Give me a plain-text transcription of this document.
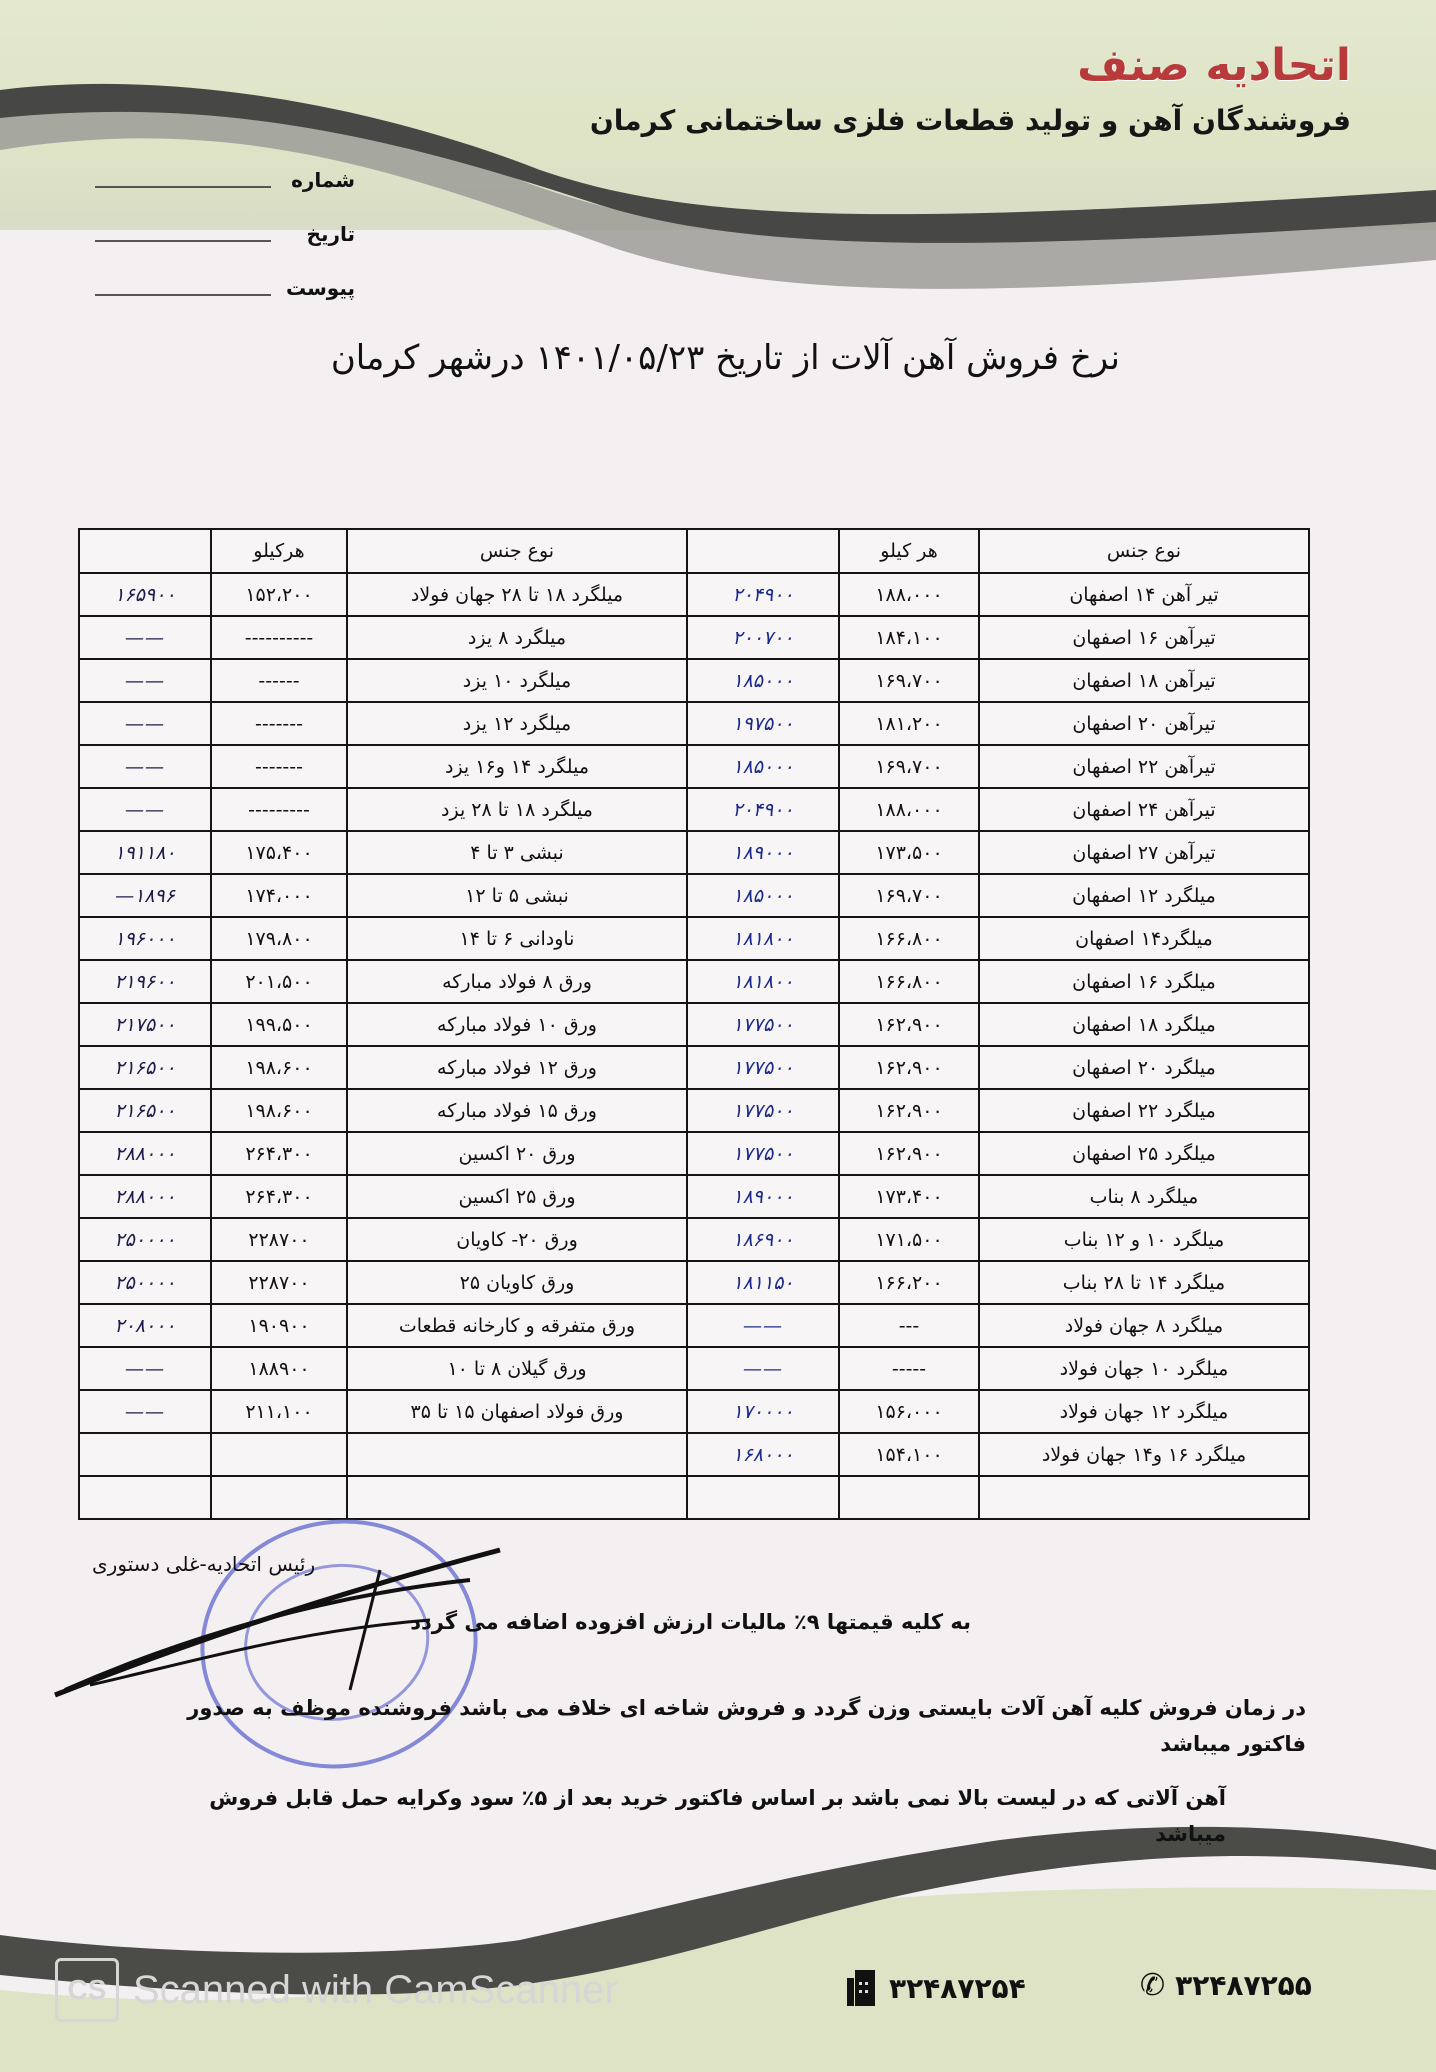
اتحادیه صنف
فروشندگان آهن و تولید قطعات فلزی ساختمانی کرمان
شماره
تاریخ
پیوست
نرخ فروش آهن آلات از تاریخ ۱۴۰۱/۰۵/۲۳ درشهر کرمان
نوع جنس	هر کیلو		نوع جنس	هرکیلو	
تیر آهن ۱۴ اصفهان	۱۸۸،۰۰۰	۲۰۴۹۰۰	میلگرد ۱۸ تا ۲۸ جهان فولاد	۱۵۲،۲۰۰	۱۶۵۹۰۰
تیرآهن ۱۶ اصفهان	۱۸۴،۱۰۰	۲۰۰۷۰۰	میلگرد ۸ یزد	----------	——
تیرآهن ۱۸ اصفهان	۱۶۹،۷۰۰	۱۸۵۰۰۰	میلگرد ۱۰ یزد	------	——
تیرآهن ۲۰ اصفهان	۱۸۱،۲۰۰	۱۹۷۵۰۰	میلگرد ۱۲ یزد	-------	——
تیرآهن ۲۲ اصفهان	۱۶۹،۷۰۰	۱۸۵۰۰۰	میلگرد ۱۴ و۱۶ یزد	-------	——
تیرآهن ۲۴ اصفهان	۱۸۸،۰۰۰	۲۰۴۹۰۰	میلگرد ۱۸ تا ۲۸ یزد	---------	——
تیرآهن ۲۷ اصفهان	۱۷۳،۵۰۰	۱۸۹۰۰۰	نبشی ۳ تا ۴	۱۷۵،۴۰۰	۱۹۱۱۸۰
میلگرد ۱۲ اصفهان	۱۶۹،۷۰۰	۱۸۵۰۰۰	نبشی ۵ تا ۱۲	۱۷۴،۰۰۰	۱۸۹۶—
میلگرد۱۴ اصفهان	۱۶۶،۸۰۰	۱۸۱۸۰۰	ناودانی ۶ تا ۱۴	۱۷۹،۸۰۰	۱۹۶۰۰۰
میلگرد ۱۶ اصفهان	۱۶۶،۸۰۰	۱۸۱۸۰۰	ورق ۸ فولاد مبارکه	۲۰۱،۵۰۰	۲۱۹۶۰۰
میلگرد ۱۸ اصفهان	۱۶۲،۹۰۰	۱۷۷۵۰۰	ورق ۱۰ فولاد مبارکه	۱۹۹،۵۰۰	۲۱۷۵۰۰
میلگرد ۲۰ اصفهان	۱۶۲،۹۰۰	۱۷۷۵۰۰	ورق ۱۲ فولاد مبارکه	۱۹۸،۶۰۰	۲۱۶۵۰۰
میلگرد ۲۲ اصفهان	۱۶۲،۹۰۰	۱۷۷۵۰۰	ورق ۱۵ فولاد مبارکه	۱۹۸،۶۰۰	۲۱۶۵۰۰
میلگرد ۲۵ اصفهان	۱۶۲،۹۰۰	۱۷۷۵۰۰	ورق ۲۰ اکسین	۲۶۴،۳۰۰	۲۸۸۰۰۰
میلگرد ۸ بناب	۱۷۳،۴۰۰	۱۸۹۰۰۰	ورق ۲۵ اکسین	۲۶۴،۳۰۰	۲۸۸۰۰۰
میلگرد ۱۰ و ۱۲ بناب	۱۷۱،۵۰۰	۱۸۶۹۰۰	ورق ۲۰- کاویان	۲۲۸۷۰۰	۲۵۰۰۰۰
میلگرد ۱۴ تا ۲۸ بناب	۱۶۶،۲۰۰	۱۸۱۱۵۰	ورق کاویان ۲۵	۲۲۸۷۰۰	۲۵۰۰۰۰
میلگرد ۸ جهان فولاد	---	——	ورق متفرقه و کارخانه قطعات	۱۹۰۹۰۰	۲۰۸۰۰۰
میلگرد ۱۰ جهان فولاد	-----	——	ورق گیلان ۸ تا ۱۰	۱۸۸۹۰۰	——
میلگرد ۱۲ جهان فولاد	۱۵۶،۰۰۰	۱۷۰۰۰۰	ورق فولاد اصفهان ۱۵ تا ۳۵	۲۱۱،۱۰۰	——
میلگرد ۱۶ و۱۴ جهان فولاد	۱۵۴،۱۰۰	۱۶۸۰۰۰			

رئیس اتحادیه-غلی دستوری
به کلیه قیمتها ۹٪ مالیات ارزش افزوده اضافه می گردد
در زمان فروش کلیه آهن آلات بایستی وزن گردد و فروش شاخه ای خلاف می باشد فروشنده موظف به صدور فاکتور میباشد
آهن آلاتی که در لیست بالا نمی باشد بر اساس فاکتور خرید بعد از ۵٪ سود وکرایه حمل قابل فروش میباشد
CS Scanned with CamScanner	۳۲۴۸۷۲۵۴	✆ ۳۲۴۸۷۲۵۵
